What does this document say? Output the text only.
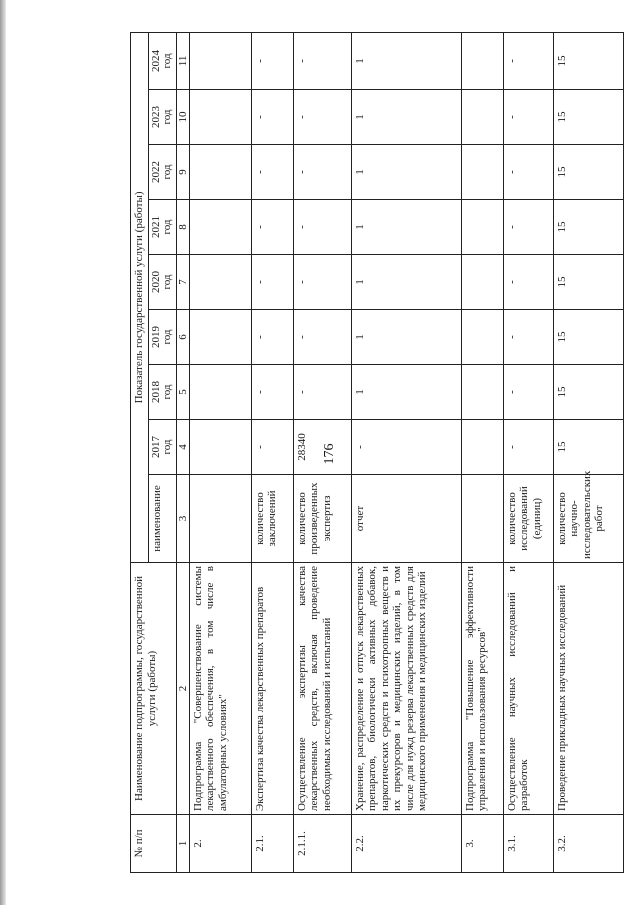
176
№ п/п	Наименование подпрограммы, государственной услуги (работы)	Показатель государственной услуги (работы)								
		наименование	2017 год	2018 год	2019 год	2020 год	2021 год	2022 год	2023 год	2024 год

1	2	3	4	5	6	7	8	9	10	11
2.	Подпрограмма "Совершенствование системы лекарственного обеспечения, в том числе в амбулаторных условиях"									
2.1.	Экспертиза качества лекарственных препаратов	количество заключений	-	-	-	-	-	-	-	-
2.1.1.	Осуществление экспертизы качества лекарственных средств, включая проведение необходимых исследований и испытаний	количество произведенных экспертиз	28340	-	-	-	-	-	-	-
2.2.	Хранение, распределение и отпуск лекарственных препаратов, биологически активных добавок, наркотических средств и психотропных веществ и их прекурсоров и медицинских изделий, в том числе для нужд резерва лекарственных средств для медицинского применения и медицинских изделий	отчет	-	1	1	1	1	1	1	1
3.	Подпрограмма "Повышение эффективности управления и использования ресурсов"									
3.1.	Осуществление научных исследований и разработок	количество исследований (единиц)	-	-	-	-	-	-	-	-
3.2.	Проведение прикладных научных исследований	количество научно-исследовательских работ	15	15	15	15	15	15	15	15
